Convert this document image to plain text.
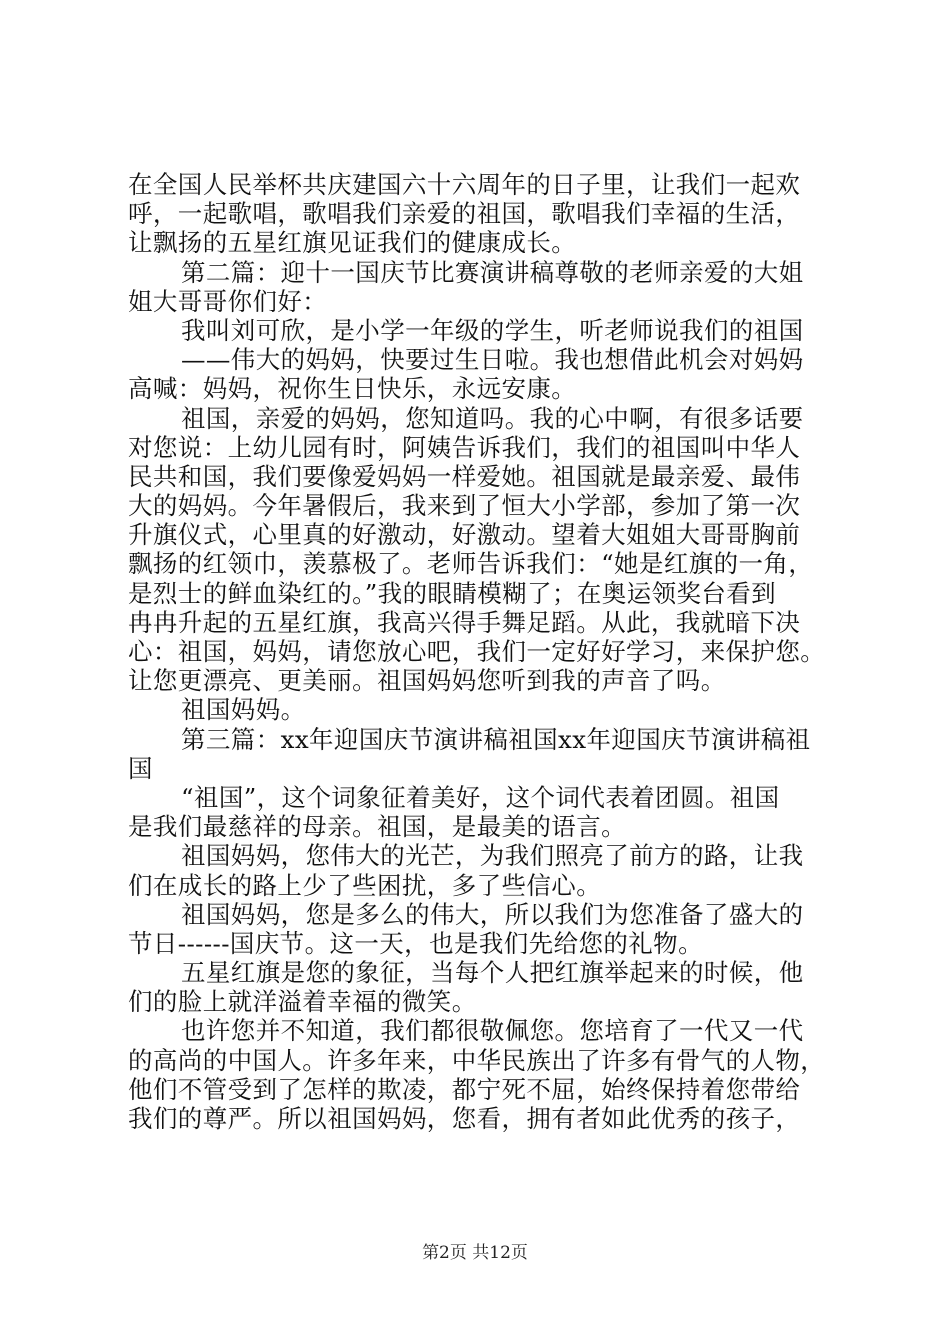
在全国人民举杯共庆建国六十六周年的日子里，让我们一起欢
呼，一起歌唱，歌唱我们亲爱的祖国，歌唱我们幸福的生活，
让飘扬的五星红旗见证我们的健康成长。
第二篇：迎十一国庆节比赛演讲稿尊敬的老师亲爱的大姐
姐大哥哥你们好：
我叫刘可欣，是小学一年级的学生，听老师说我们的祖国
——伟大的妈妈，快要过生日啦。我也想借此机会对妈妈
高喊：妈妈，祝你生日快乐，永远安康。
祖国，亲爱的妈妈，您知道吗。我的心中啊，有很多话要
对您说：上幼儿园有时，阿姨告诉我们，我们的祖国叫中华人
民共和国，我们要像爱妈妈一样爱她。祖国就是最亲爱、最伟
大的妈妈。今年暑假后，我来到了恒大小学部，参加了第一次
升旗仪式，心里真的好激动，好激动。望着大姐姐大哥哥胸前
飘扬的红领巾，羡慕极了。老师告诉我们：“她是红旗的一角，
是烈士的鲜血染红的。”我的眼睛模糊了；在奥运领奖台看到
冉冉升起的五星红旗，我高兴得手舞足蹈。从此，我就暗下决
心：祖国，妈妈，请您放心吧，我们一定好好学习，来保护您。
让您更漂亮、更美丽。祖国妈妈您听到我的声音了吗。
祖国妈妈。
第三篇：xx年迎国庆节演讲稿祖国xx年迎国庆节演讲稿祖
国
“祖国”，这个词象征着美好，这个词代表着团圆。祖国
是我们最慈祥的母亲。祖国，是最美的语言。
祖国妈妈，您伟大的光芒，为我们照亮了前方的路，让我
们在成长的路上少了些困扰，多了些信心。
祖国妈妈，您是多么的伟大，所以我们为您准备了盛大的
节日------国庆节。这一天，也是我们先给您的礼物。
五星红旗是您的象征，当每个人把红旗举起来的时候，他
们的脸上就洋溢着幸福的微笑。
也许您并不知道，我们都很敬佩您。您培育了一代又一代
的高尚的中国人。许多年来，中华民族出了许多有骨气的人物，
他们不管受到了怎样的欺凌，都宁死不屈，始终保持着您带给
我们的尊严。所以祖国妈妈，您看，拥有者如此优秀的孩子，
第2页 共12页
